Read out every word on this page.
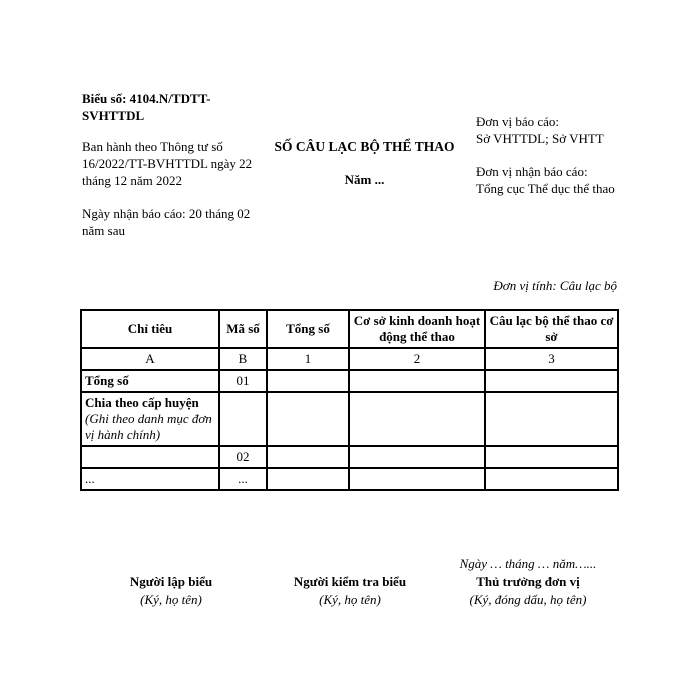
Biểu số: 4104.N/TDTT-SVHTTDL
Ban hành theo Thông tư số 16/2022/TT-BVHTTDL ngày 22 tháng 12 năm 2022
Ngày nhận báo cáo: 20 tháng 02 năm sau
SỐ CÂU LẠC BỘ THỂ THAO
Năm ...
Đơn vị báo cáo:
Sở VHTTDL; Sở VHTT
Đơn vị nhận báo cáo:
Tổng cục Thể dục thể thao
Đơn vị tính: Câu lạc bộ
Chỉ tiêu	Mã số	Tổng số	Cơ sở kinh doanh hoạt động thể thao	Câu lạc bộ thể thao cơ sở
A	B	1	2	3
Tổng số	01			

Chia theo cấp huyện
(Ghi theo danh mục đơn vị hành chính)				

	02			
...	...			
Ngày … tháng … năm…...
Người lập biểu
(Ký, họ tên)
Người kiểm tra biểu
(Ký, họ tên)
Thủ trưởng đơn vị
(Ký, đóng dấu, họ tên)
